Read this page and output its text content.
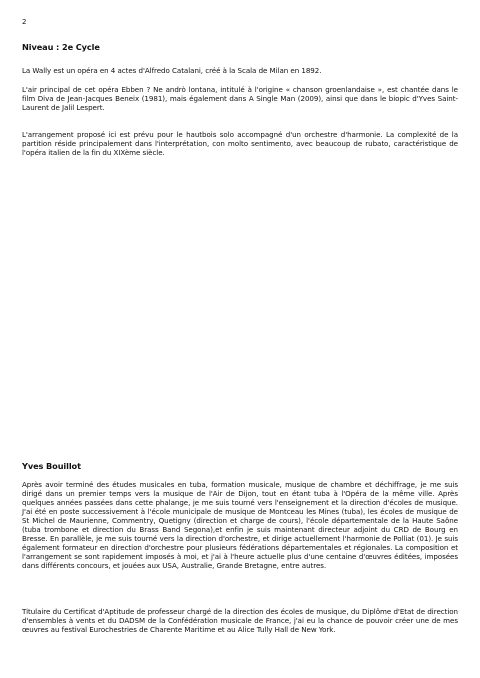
2
Niveau : 2e Cycle

La Wally est un opéra en 4 actes d'Alfredo Catalani, créé à la Scala de Milan en 1892.

L'air principal de cet opéra Ebben ? Ne andrò lontana, intitulé à l'origine « chanson groenlandaise », est chantée dans le film Diva de Jean-Jacques Beneix (1981), mais également dans A Single Man (2009), ainsi que dans le biopic d'Yves Saint-Laurent de Jalil Lespert.

L'arrangement proposé ici est prévu pour le hautbois solo accompagné d'un orchestre d'harmonie. La complexité de la partition réside principalement dans l'interprétation, con molto sentimento, avec beaucoup de rubato, caractéristique de l'opéra italien de la fin du XIXème siècle.

Yves Bouillot

Après avoir terminé des études musicales en tuba, formation musicale, musique de chambre et déchiffrage, je me suis dirigé dans un premier temps vers la musique de l'Air de Dijon, tout en étant tuba à l'Opéra de la même ville. Après quelques années passées dans cette phalange, je me suis tourné vers l'enseignement et la direction d'écoles de musique. J'ai été en poste successivement à l'école municipale de musique de Montceau les Mines (tuba), les écoles de musique de St Michel de Maurienne, Commentry, Quetigny (direction et charge de cours), l'école départementale de la Haute Saône (tuba trombone et direction du Brass Band Segona),et enfin je suis maintenant directeur adjoint du CRD de Bourg en Bresse. En parallèle, je me suis tourné vers la direction d'orchestre, et dirige actuellement l'harmonie de Polliat (01). Je suis également formateur en direction d'orchestre pour plusieurs fédérations départementales et régionales. La composition et l'arrangement se sont rapidement imposés à moi, et j'ai à l'heure actuelle plus d'une centaine d'œuvres éditées, imposées dans différents concours, et jouées aux USA, Australie, Grande Bretagne, entre autres.

Titulaire du Certificat d'Aptitude de professeur chargé de la direction des écoles de musique, du Diplôme d'Etat de direction d'ensembles à vents et du DADSM de la Confédération musicale de France, j'ai eu la chance de pouvoir créer une de mes œuvres au festival Eurochestries de Charente Maritime et au Alice Tully Hall de New York.
